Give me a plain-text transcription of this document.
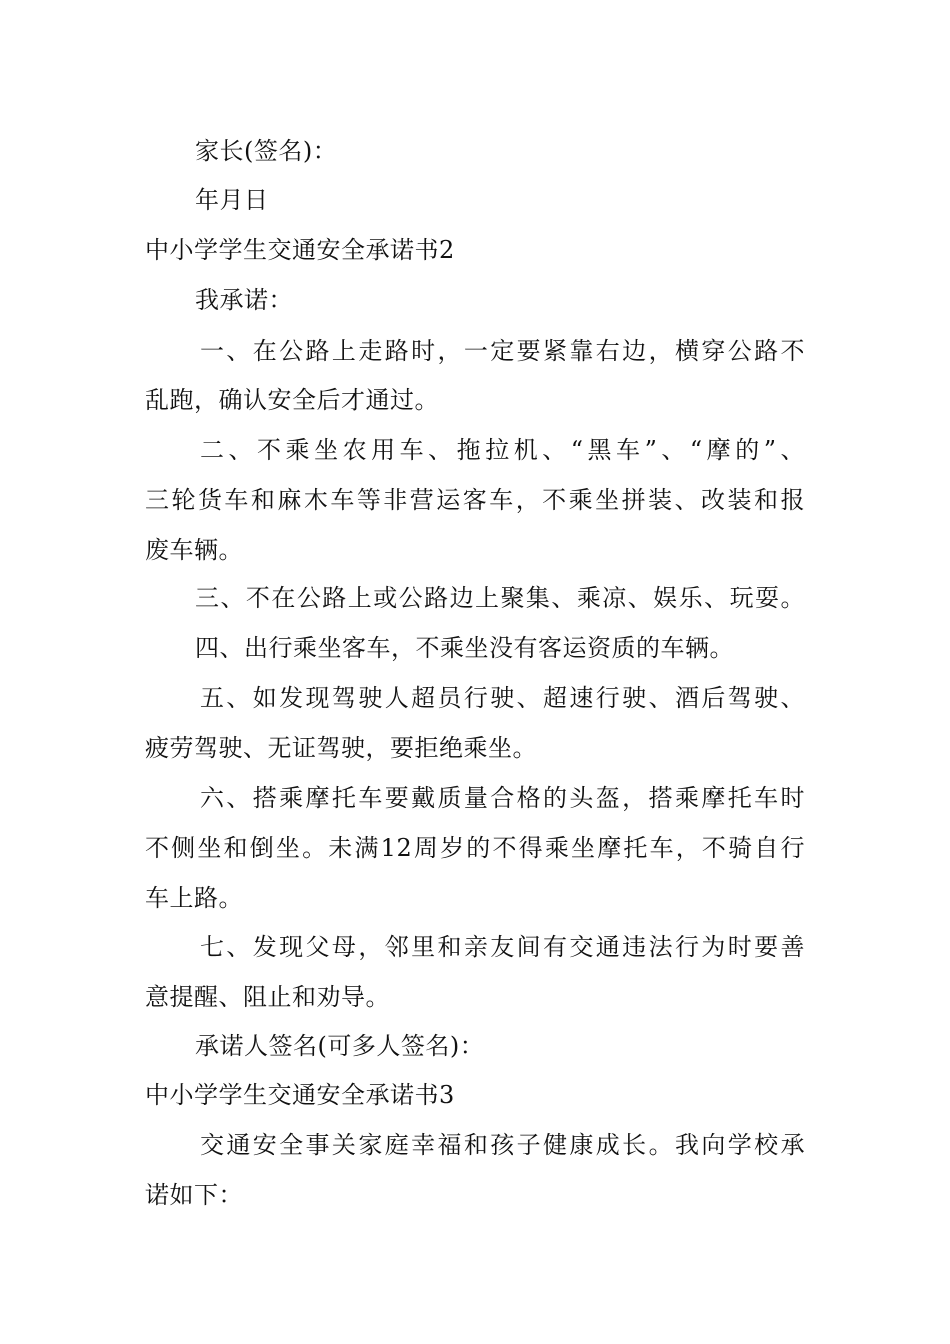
家长(签名)：
年月日
中小学学生交通安全承诺书2
我承诺：
一、在公路上走路时，一定要紧靠右边，横穿公路不
乱跑，确认安全后才通过。
二、不乘坐农用车、拖拉机、“黑车”、“摩的”、
三轮货车和麻木车等非营运客车，不乘坐拼装、改装和报
废车辆。
三、不在公路上或公路边上聚集、乘凉、娱乐、玩耍。
四、出行乘坐客车，不乘坐没有客运资质的车辆。
五、如发现驾驶人超员行驶、超速行驶、酒后驾驶、
疲劳驾驶、无证驾驶，要拒绝乘坐。
六、搭乘摩托车要戴质量合格的头盔，搭乘摩托车时
不侧坐和倒坐。未满12周岁的不得乘坐摩托车，不骑自行
车上路。
七、发现父母，邻里和亲友间有交通违法行为时要善
意提醒、阻止和劝导。
承诺人签名(可多人签名)：
中小学学生交通安全承诺书3
交通安全事关家庭幸福和孩子健康成长。我向学校承
诺如下：
